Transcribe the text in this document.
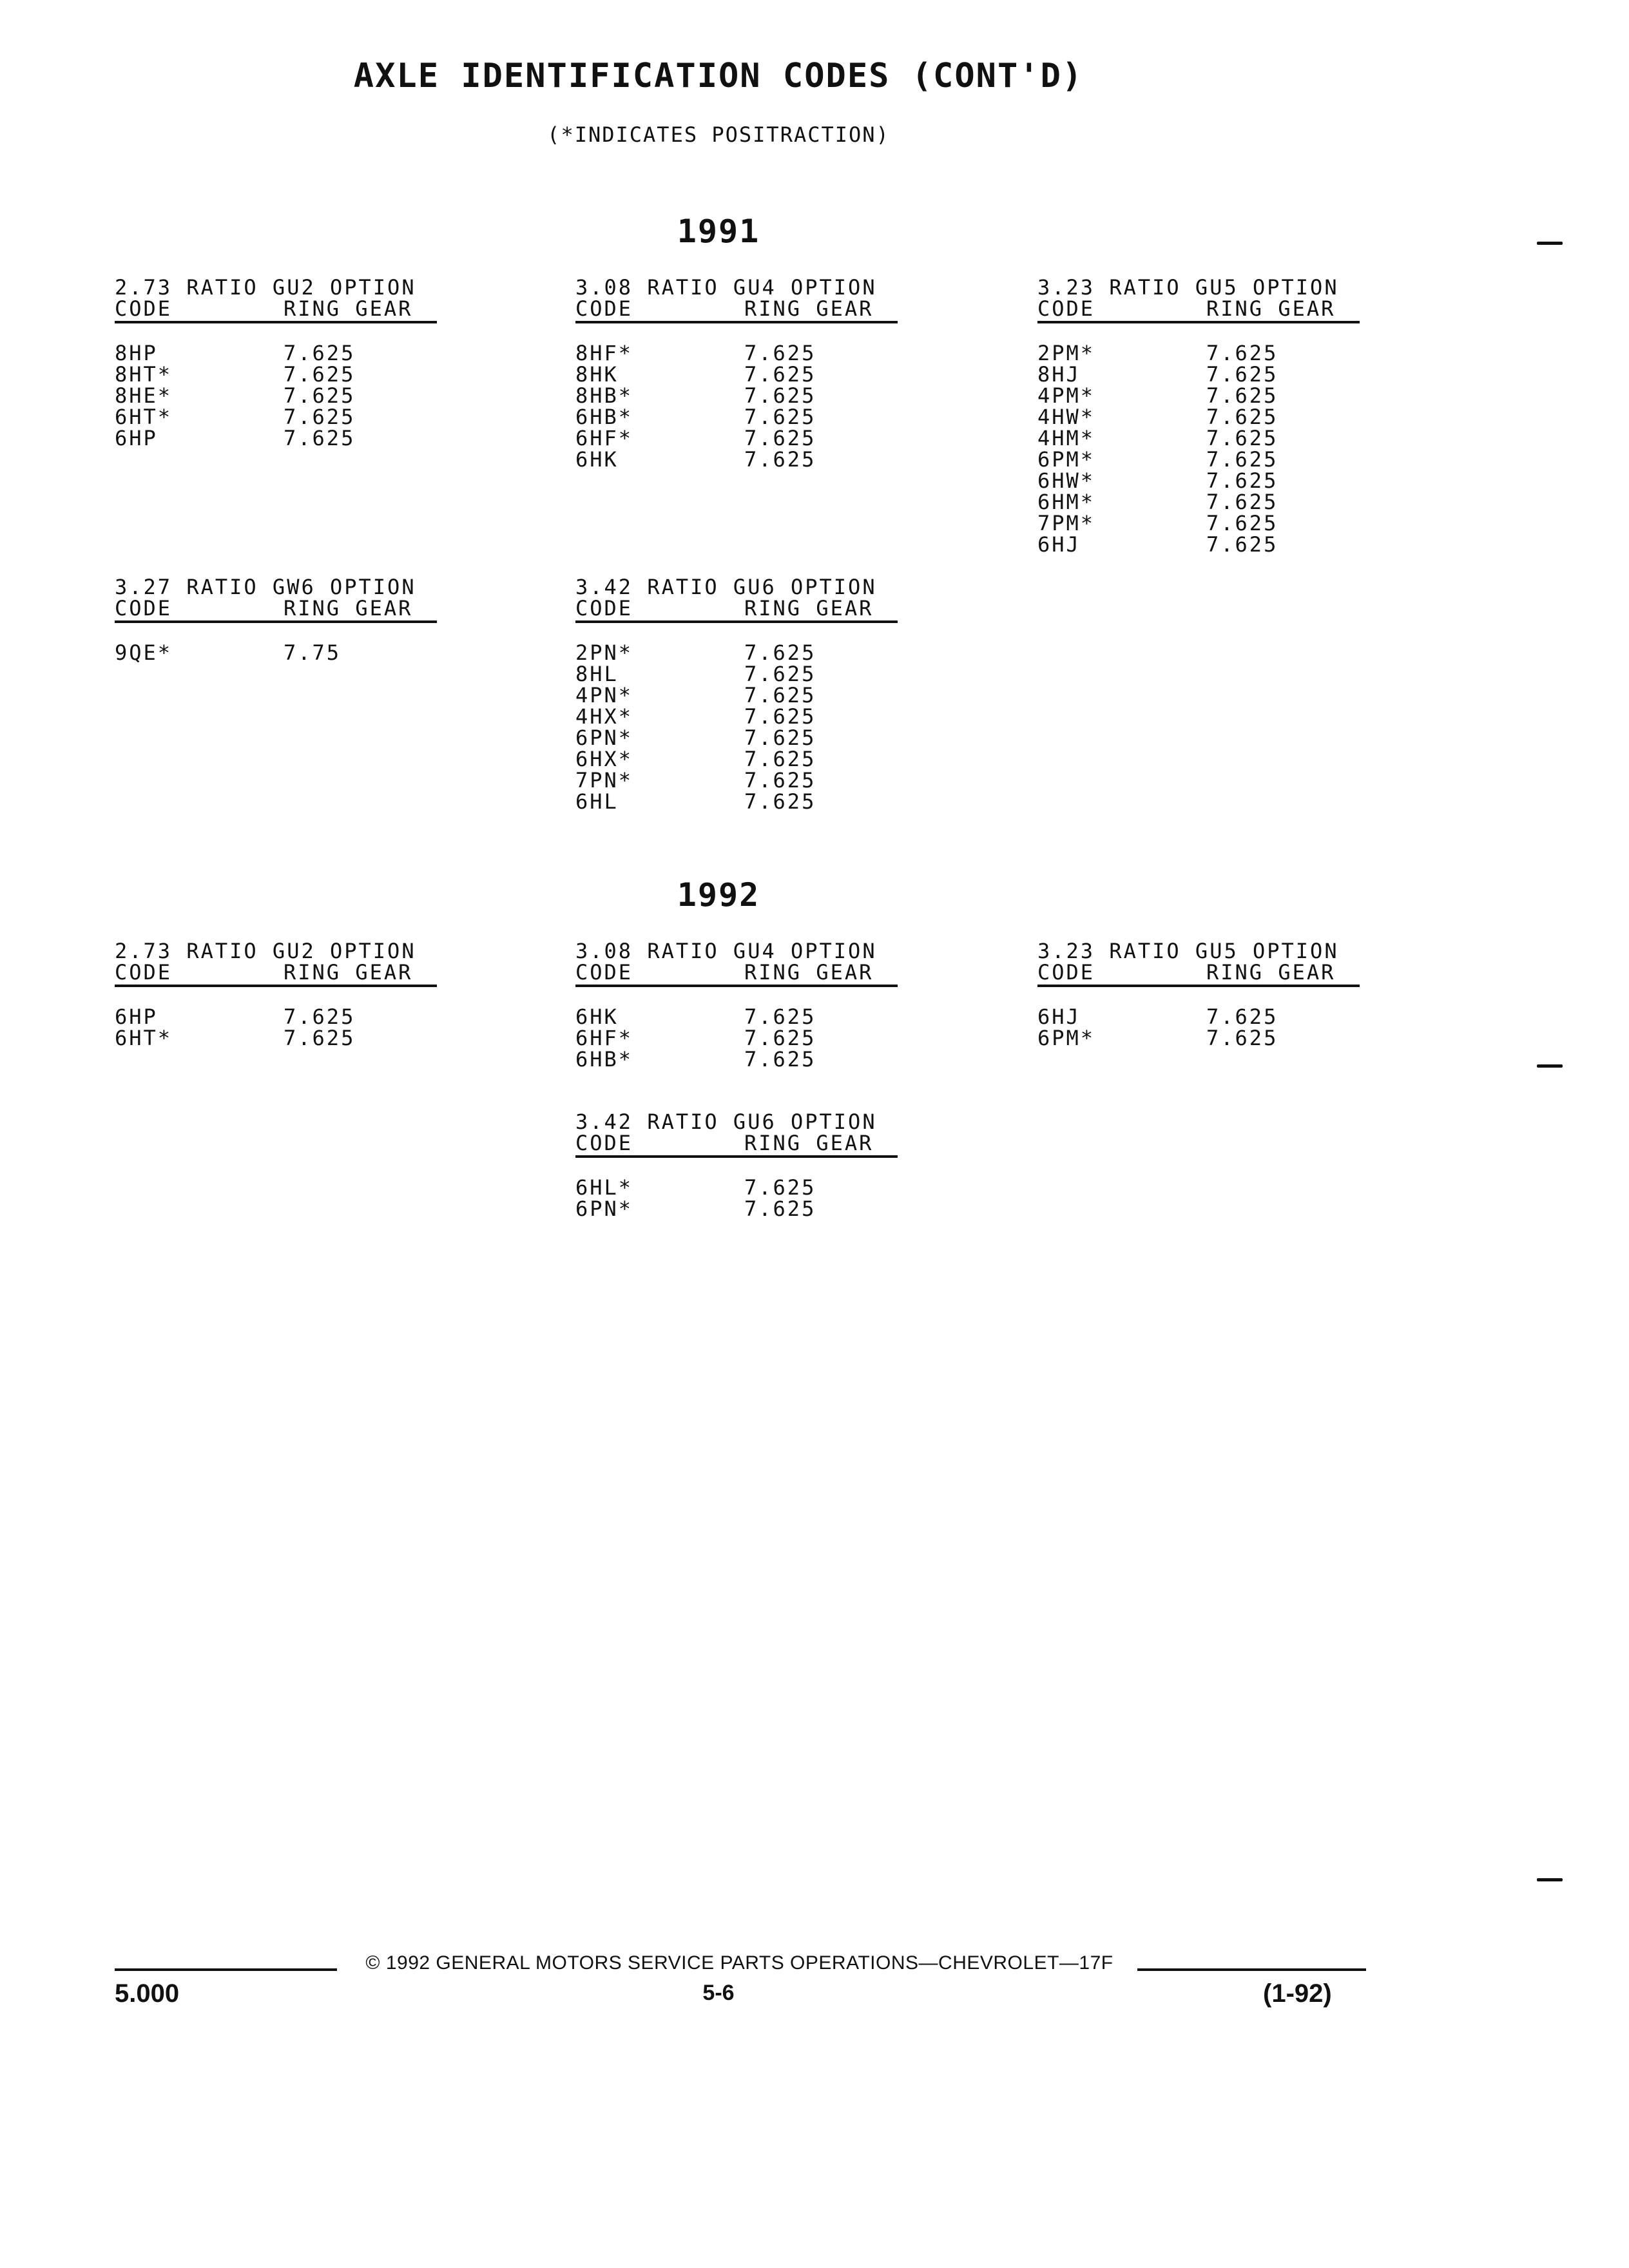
AXLE IDENTIFICATION CODES (CONT'D)
(*INDICATES POSITRACTION)
1991
1992
2.73 RATIO GU2 OPTION
CODE	RING GEAR
8HP	7.625
8HT*	7.625
8HE*	7.625
6HT*	7.625
6HP	7.625
3.08 RATIO GU4 OPTION
CODE	RING GEAR
8HF*	7.625
8HK	7.625
8HB*	7.625
6HB*	7.625
6HF*	7.625
6HK	7.625
3.23 RATIO GU5 OPTION
CODE	RING GEAR
2PM*	7.625
8HJ	7.625
4PM*	7.625
4HW*	7.625
4HM*	7.625
6PM*	7.625
6HW*	7.625
6HM*	7.625
7PM*	7.625
6HJ	7.625
3.27 RATIO GW6 OPTION
CODE	RING GEAR
9QE*	7.75
3.42 RATIO GU6 OPTION
CODE	RING GEAR
2PN*	7.625
8HL	7.625
4PN*	7.625
4HX*	7.625
6PN*	7.625
6HX*	7.625
7PN*	7.625
6HL	7.625
2.73 RATIO GU2 OPTION
CODE	RING GEAR
6HP	7.625
6HT*	7.625
3.08 RATIO GU4 OPTION
CODE	RING GEAR
6HK	7.625
6HF*	7.625
6HB*	7.625
3.23 RATIO GU5 OPTION
CODE	RING GEAR
6HJ	7.625
6PM*	7.625
3.42 RATIO GU6 OPTION
CODE	RING GEAR
6HL*	7.625
6PN*	7.625
© 1992 GENERAL MOTORS SERVICE PARTS OPERATIONS—CHEVROLET—17F
5.000	5-6	(1-92)
